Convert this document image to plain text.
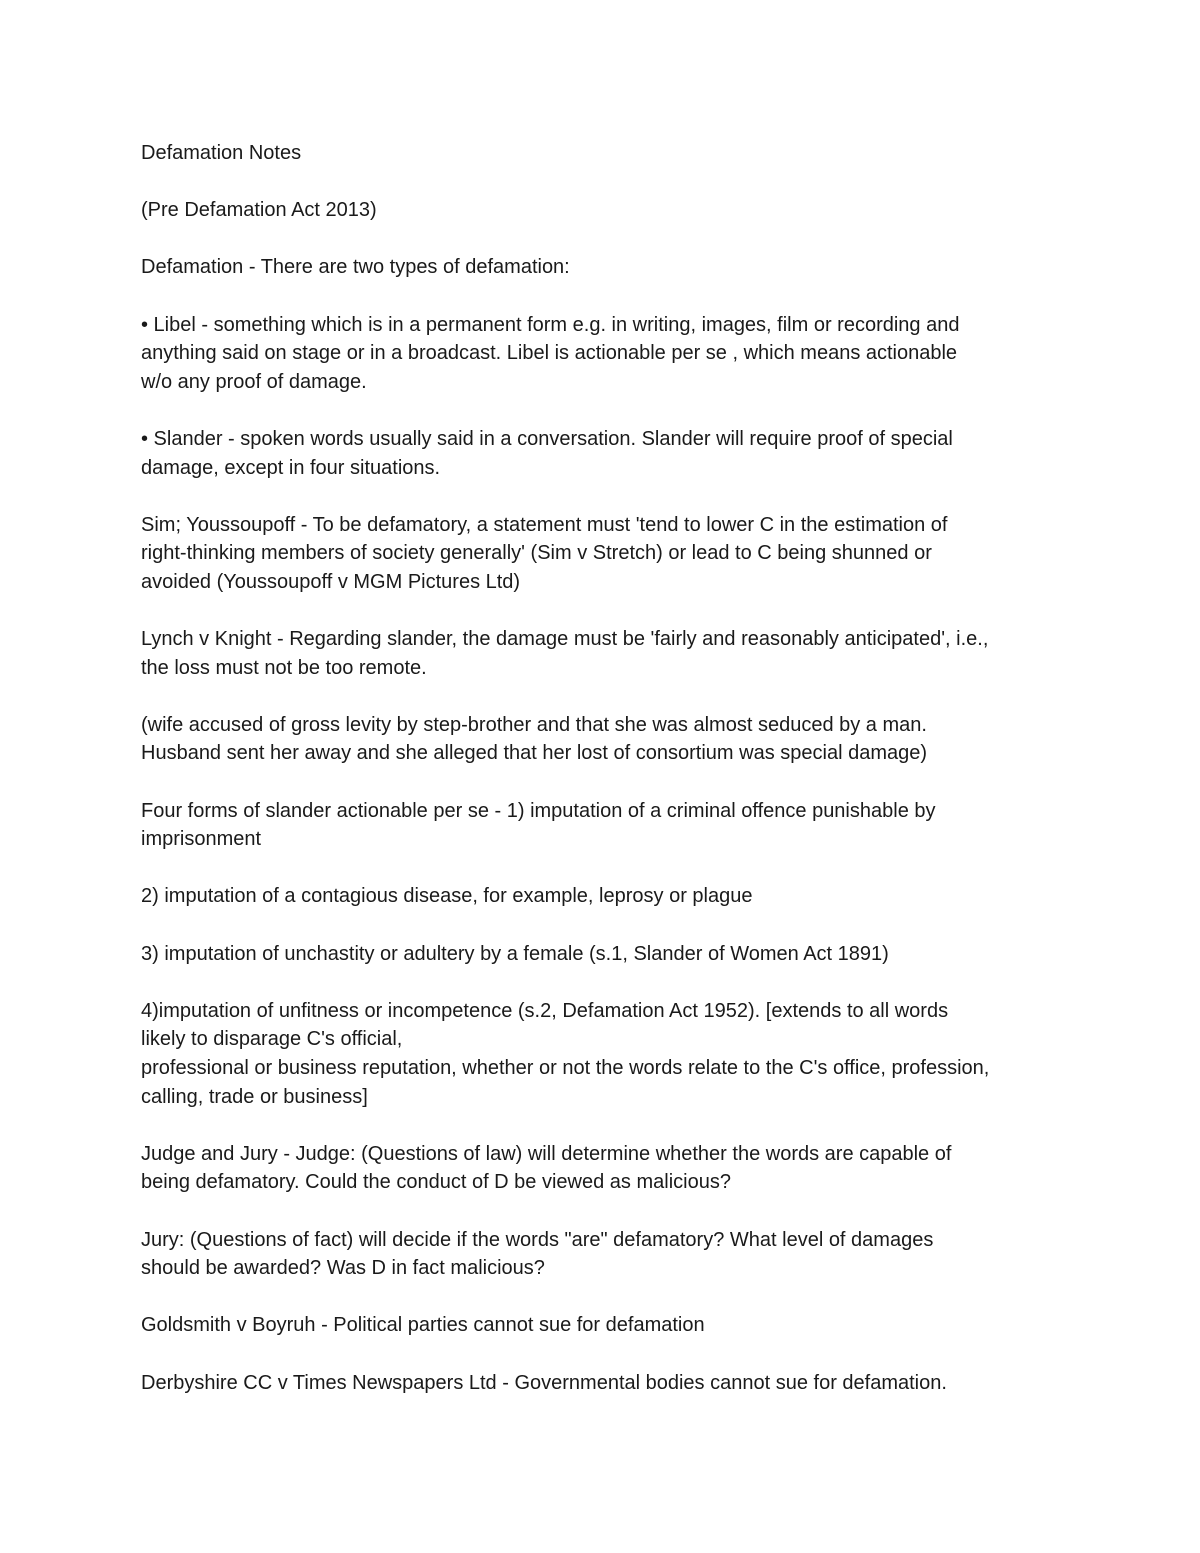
Defamation Notes

(Pre Defamation Act 2013)

Defamation - There are two types of defamation:

• Libel - something which is in a permanent form e.g. in writing, images, film or recording and
anything said on stage or in a broadcast. Libel is actionable per se , which means actionable
w/o any proof of damage.

• Slander - spoken words usually said in a conversation. Slander will require proof of special
damage, except in four situations.

Sim; Youssoupoff - To be defamatory, a statement must 'tend to lower C in the estimation of
right-thinking members of society generally' (Sim v Stretch) or lead to C being shunned or
avoided (Youssoupoff v MGM Pictures Ltd)

Lynch v Knight - Regarding slander, the damage must be 'fairly and reasonably anticipated', i.e.,
the loss must not be too remote.

(wife accused of gross levity by step-brother and that she was almost seduced by a man.
Husband sent her away and she alleged that her lost of consortium was special damage)

Four forms of slander actionable per se - 1) imputation of a criminal offence punishable by
imprisonment

2) imputation of a contagious disease, for example, leprosy or plague

3) imputation of unchastity or adultery by a female (s.1, Slander of Women Act 1891)

4)imputation of unfitness or incompetence (s.2, Defamation Act 1952). [extends to all words
likely to disparage C's official,
professional or business reputation, whether or not the words relate to the C's office, profession,
calling, trade or business]

Judge and Jury - Judge: (Questions of law) will determine whether the words are capable of
being defamatory. Could the conduct of D be viewed as malicious?

Jury: (Questions of fact) will decide if the words "are" defamatory? What level of damages
should be awarded? Was D in fact malicious?

Goldsmith v Boyruh - Political parties cannot sue for defamation

Derbyshire CC v Times Newspapers Ltd - Governmental bodies cannot sue for defamation.
